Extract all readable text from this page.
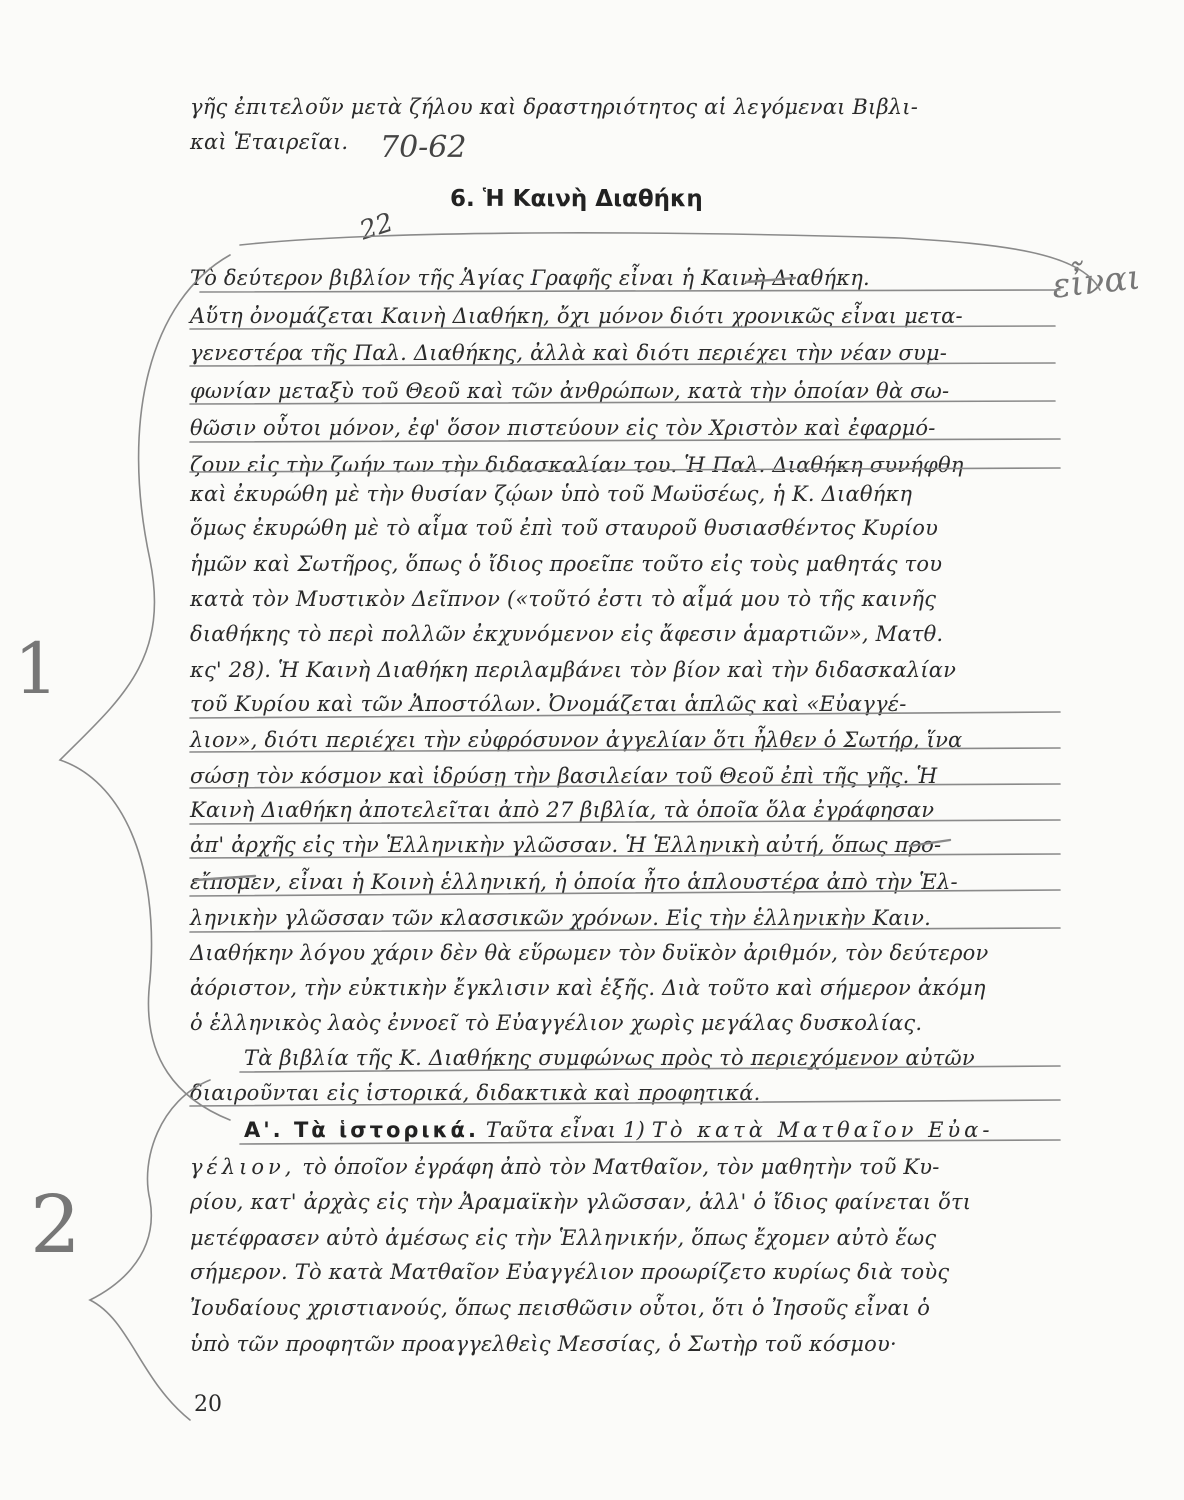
γῆς ἐπιτελοῦν μετὰ ζήλου καὶ δραστηριότητος αἱ λεγόμεναι Βιβλι-
καὶ Ἑταιρεῖαι.	70-62
22
6. Ἡ Καινὴ Διαθήκη
Τὸ δεύτερον βιβλίον τῆς Ἁγίας Γραφῆς εἶναι ἡ Καινὴ Διαθήκη.
Αὕτη ὀνομάζεται Καινὴ Διαθήκη, ὄχι μόνον διότι χρονικῶς εἶναι μετα-
γενεστέρα τῆς Παλ. Διαθήκης, ἀλλὰ καὶ διότι περιέχει τὴν νέαν συμ-
φωνίαν μεταξὺ τοῦ Θεοῦ καὶ τῶν ἀνθρώπων, κατὰ τὴν ὁποίαν θὰ σω-
θῶσιν οὗτοι μόνον, ἐφ' ὅσον πιστεύουν εἰς τὸν Χριστὸν καὶ ἐφαρμό-
ζουν εἰς τὴν ζωήν των τὴν διδασκαλίαν του. Ἡ Παλ. Διαθήκη συνήφθη
καὶ ἐκυρώθη μὲ τὴν θυσίαν ζῴων ὑπὸ τοῦ Μωϋσέως, ἡ Κ. Διαθήκη
ὅμως ἐκυρώθη μὲ τὸ αἷμα τοῦ ἐπὶ τοῦ σταυροῦ θυσιασθέντος Κυρίου
ἡμῶν καὶ Σωτῆρος, ὅπως ὁ ἴδιος προεῖπε τοῦτο εἰς τοὺς μαθητάς του
κατὰ τὸν Μυστικὸν Δεῖπνον («τοῦτό ἐστι τὸ αἷμά μου τὸ τῆς καινῆς
διαθήκης τὸ περὶ πολλῶν ἐκχυνόμενον εἰς ἄφεσιν ἁμαρτιῶν», Ματθ.
κς' 28). Ἡ Καινὴ Διαθήκη περιλαμβάνει τὸν βίον καὶ τὴν διδασκαλίαν
τοῦ Κυρίου καὶ τῶν Ἀποστόλων. Ὀνομάζεται ἁπλῶς καὶ «Εὐαγγέ-
λιον», διότι περιέχει τὴν εὐφρόσυνον ἀγγελίαν ὅτι ἦλθεν ὁ Σωτήρ, ἵνα
σώσῃ τὸν κόσμον καὶ ἱδρύσῃ τὴν βασιλείαν τοῦ Θεοῦ ἐπὶ τῆς γῆς. Ἡ
Καινὴ Διαθήκη ἀποτελεῖται ἀπὸ 27 βιβλία, τὰ ὁποῖα ὅλα ἐγράφησαν
ἀπ' ἀρχῆς εἰς τὴν Ἑλληνικὴν γλῶσσαν. Ἡ Ἑλληνικὴ αὐτή, ὅπως προ-
εἴπομεν, εἶναι ἡ Κοινὴ ἑλληνική, ἡ ὁποία ἦτο ἁπλουστέρα ἀπὸ τὴν Ἑλ-
ληνικὴν γλῶσσαν τῶν κλασσικῶν χρόνων. Εἰς τὴν ἑλληνικὴν Καιν.
Διαθήκην λόγου χάριν δὲν θὰ εὕρωμεν τὸν δυϊκὸν ἀριθμόν, τὸν δεύτερον
ἀόριστον, τὴν εὐκτικὴν ἔγκλισιν καὶ ἑξῆς. Διὰ τοῦτο καὶ σήμερον ἀκόμη
ὁ ἑλληνικὸς λαὸς ἐννοεῖ τὸ Εὐαγγέλιον χωρὶς μεγάλας δυσκολίας.
Τὰ βιβλία τῆς Κ. Διαθήκης συμφώνως πρὸς τὸ περιεχόμενον αὐτῶν
διαιροῦνται εἰς ἱστορικά, διδακτικὰ καὶ προφητικά.
Α'. Τὰ ἱστορικά. Ταῦτα εἶναι 1) Τὸ κατὰ Ματθαῖον Εὐα-
γέλιον, τὸ ὁποῖον ἐγράφη ἀπὸ τὸν Ματθαῖον, τὸν μαθητὴν τοῦ Κυ-
ρίου, κατ' ἀρχὰς εἰς τὴν Ἀραμαϊκὴν γλῶσσαν, ἀλλ' ὁ ἴδιος φαίνεται ὅτι
μετέφρασεν αὐτὸ ἀμέσως εἰς τὴν Ἑλληνικήν, ὅπως ἔχομεν αὐτὸ ἕως
σήμερον. Τὸ κατὰ Ματθαῖον Εὐαγγέλιον προωρίζετο κυρίως διὰ τοὺς
Ἰουδαίους χριστιανούς, ὅπως πεισθῶσιν οὗτοι, ὅτι ὁ Ἰησοῦς εἶναι ὁ
ὑπὸ τῶν προφητῶν προαγγελθεὶς Μεσσίας, ὁ Σωτὴρ τοῦ κόσμου·
εἶναι
1
2
20
